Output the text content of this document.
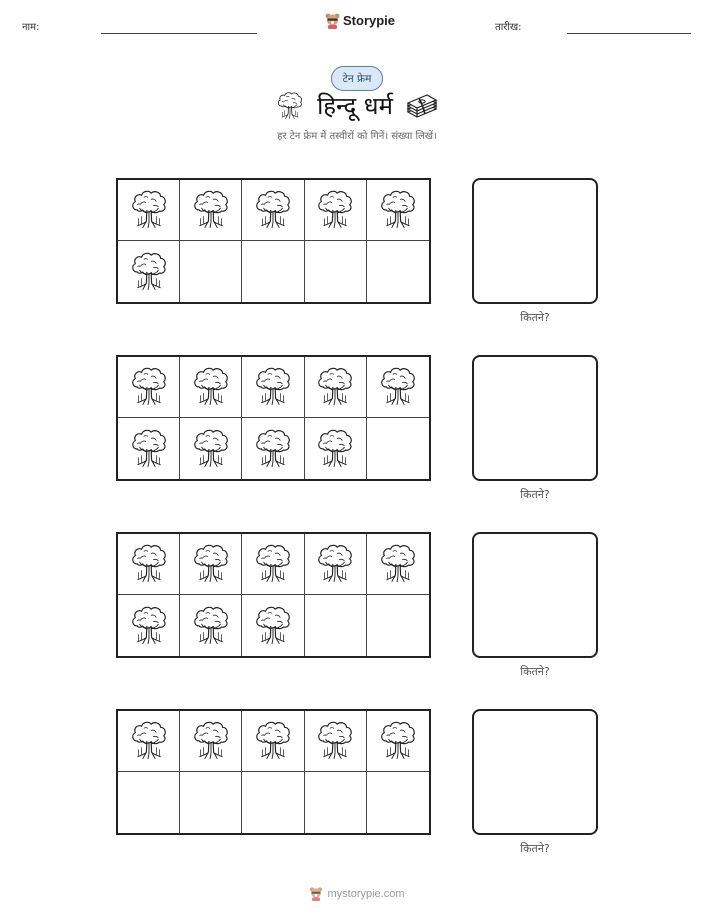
नाम:	Storypie	तारीख:
टेन फ्रेम
हिन्दू धर्म
हर टेन फ्रेम में तस्वीरों को गिनें। संख्या लिखें।
कितने?
कितने?
कितने?
कितने?
mystorypie.com
